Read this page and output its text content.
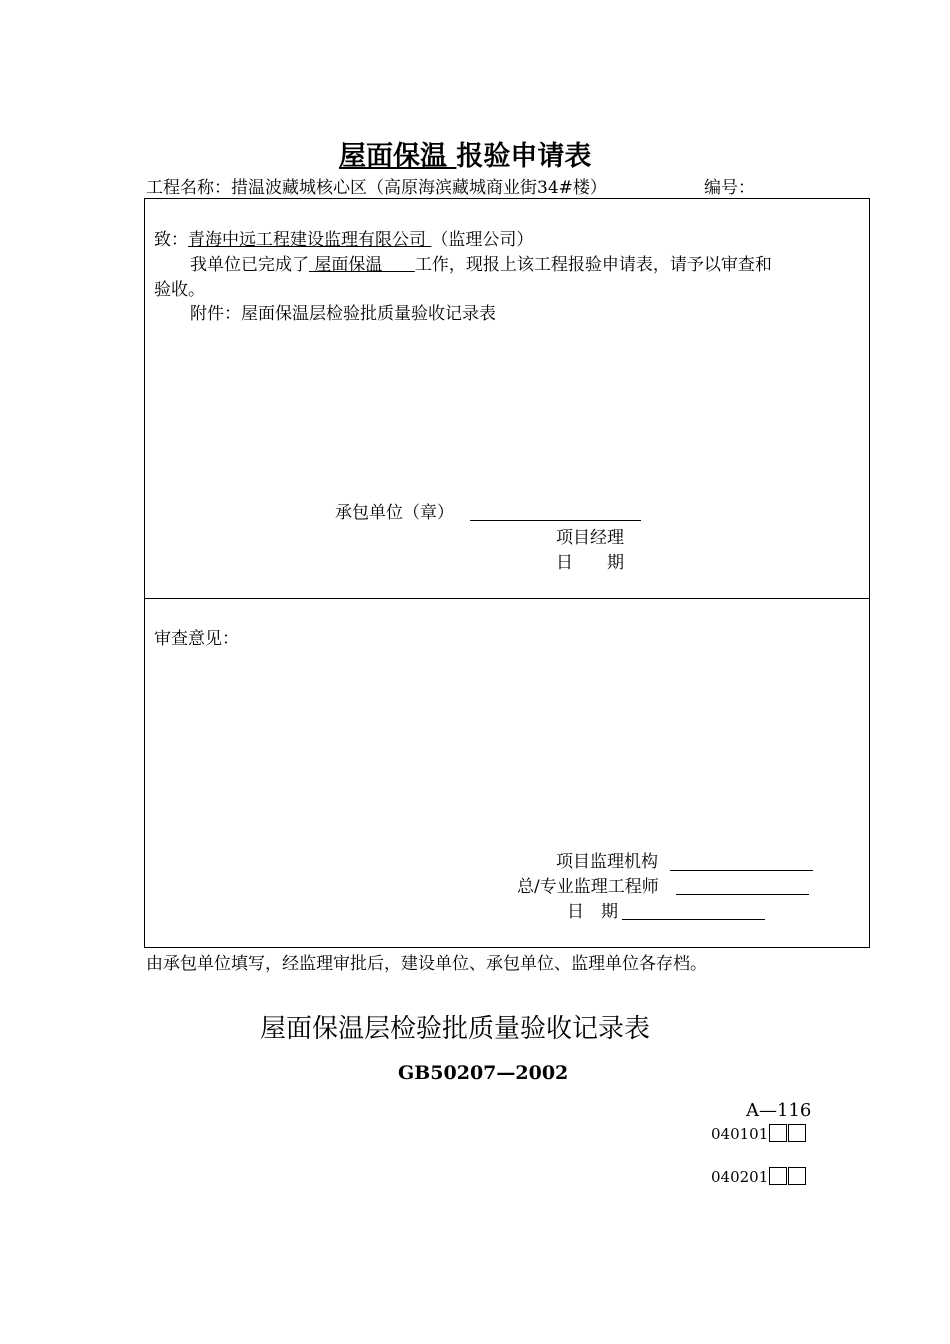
屋面保温 报验申请表
工程名称：措温波藏城核心区（高原海滨藏城商业街34#楼）	编号：
致：青海中远工程建设监理有限公司 （监理公司）
我单位已完成了 屋面保温 工作，现报上该工程报验申请表，请予以审查和
验收。
附件：屋面保温层检验批质量验收记录表
承包单位（章）
项目经理
日　　期
审查意见：
项目监理机构
总/专业监理工程师
日　期
由承包单位填写，经监理审批后，建设单位、承包单位、监理单位各存档。
屋面保温层检验批质量验收记录表
GB50207—2002
A—116
040101
040201
